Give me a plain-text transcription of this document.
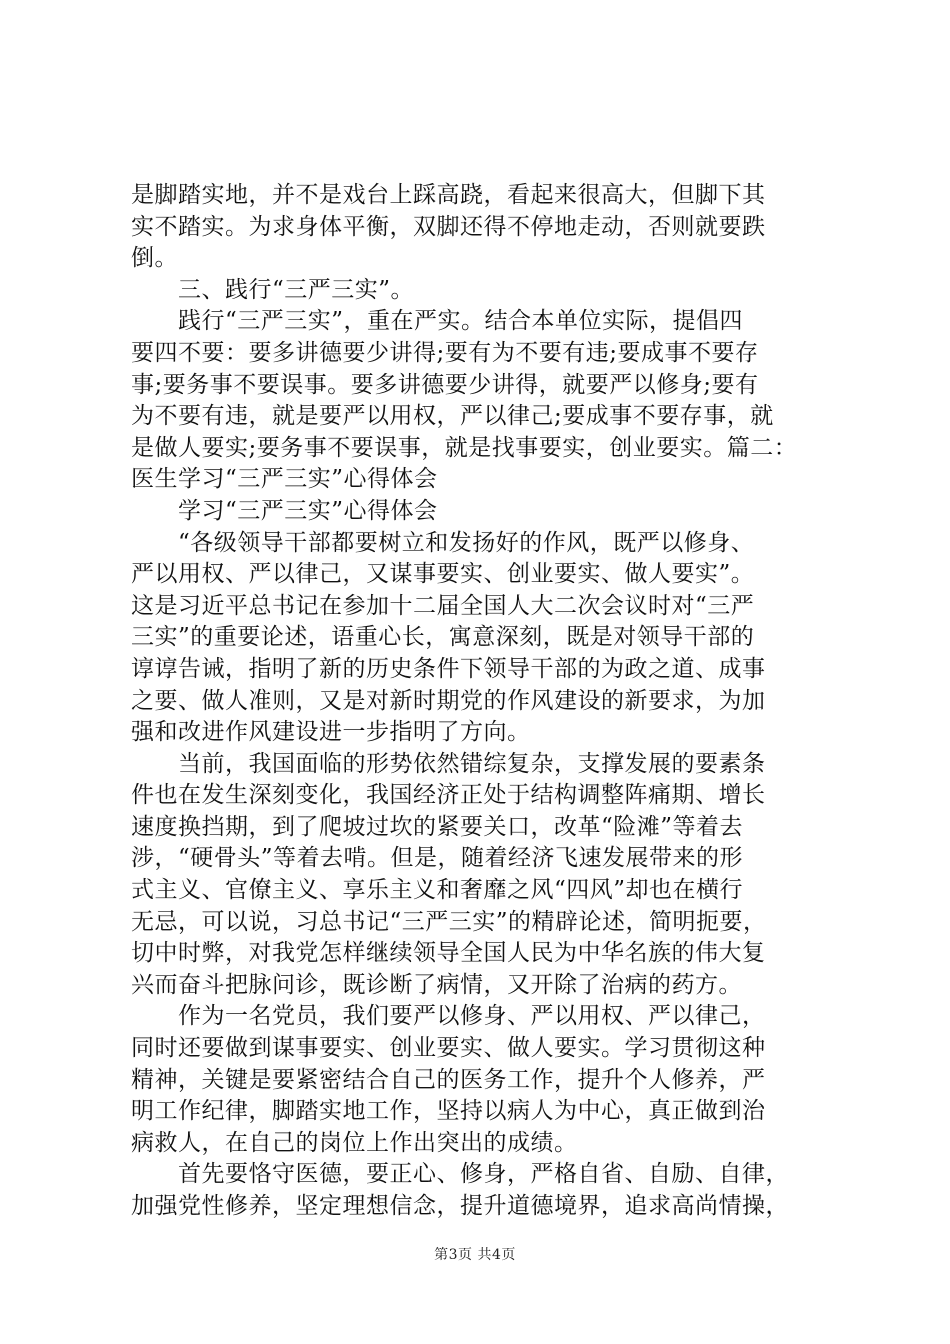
是脚踏实地，并不是戏台上踩高跷，看起来很高大，但脚下其
实不踏实。为求身体平衡，双脚还得不停地走动，否则就要跌
倒。
三、践行“三严三实”。
践行“三严三实”，重在严实。结合本单位实际，提倡四
要四不要：要多讲德要少讲得;要有为不要有违;要成事不要存
事;要务事不要误事。要多讲德要少讲得，就要严以修身;要有
为不要有违，就是要严以用权，严以律己;要成事不要存事，就
是做人要实;要务事不要误事，就是找事要实，创业要实。篇二：
医生学习“三严三实”心得体会
学习“三严三实”心得体会
“各级领导干部都要树立和发扬好的作风，既严以修身、
严以用权、严以律己，又谋事要实、创业要实、做人要实”。
这是习近平总书记在参加十二届全国人大二次会议时对“三严
三实”的重要论述，语重心长，寓意深刻，既是对领导干部的
谆谆告诫，指明了新的历史条件下领导干部的为政之道、成事
之要、做人准则，又是对新时期党的作风建设的新要求，为加
强和改进作风建设进一步指明了方向。
当前，我国面临的形势依然错综复杂，支撑发展的要素条
件也在发生深刻变化，我国经济正处于结构调整阵痛期、增长
速度换挡期，到了爬坡过坎的紧要关口，改革“险滩”等着去
涉，“硬骨头”等着去啃。但是，随着经济飞速发展带来的形
式主义、官僚主义、享乐主义和奢靡之风“四风”却也在横行
无忌，可以说，习总书记“三严三实”的精辟论述，简明扼要，
切中时弊，对我党怎样继续领导全国人民为中华名族的伟大复
兴而奋斗把脉问诊，既诊断了病情，又开除了治病的药方。
作为一名党员，我们要严以修身、严以用权、严以律己，
同时还要做到谋事要实、创业要实、做人要实。学习贯彻这种
精神，关键是要紧密结合自己的医务工作，提升个人修养，严
明工作纪律，脚踏实地工作，坚持以病人为中心，真正做到治
病救人，在自己的岗位上作出突出的成绩。
首先要恪守医德，要正心、修身，严格自省、自励、自律，
加强党性修养，坚定理想信念，提升道德境界，追求高尚情操，
第3页 共4页
